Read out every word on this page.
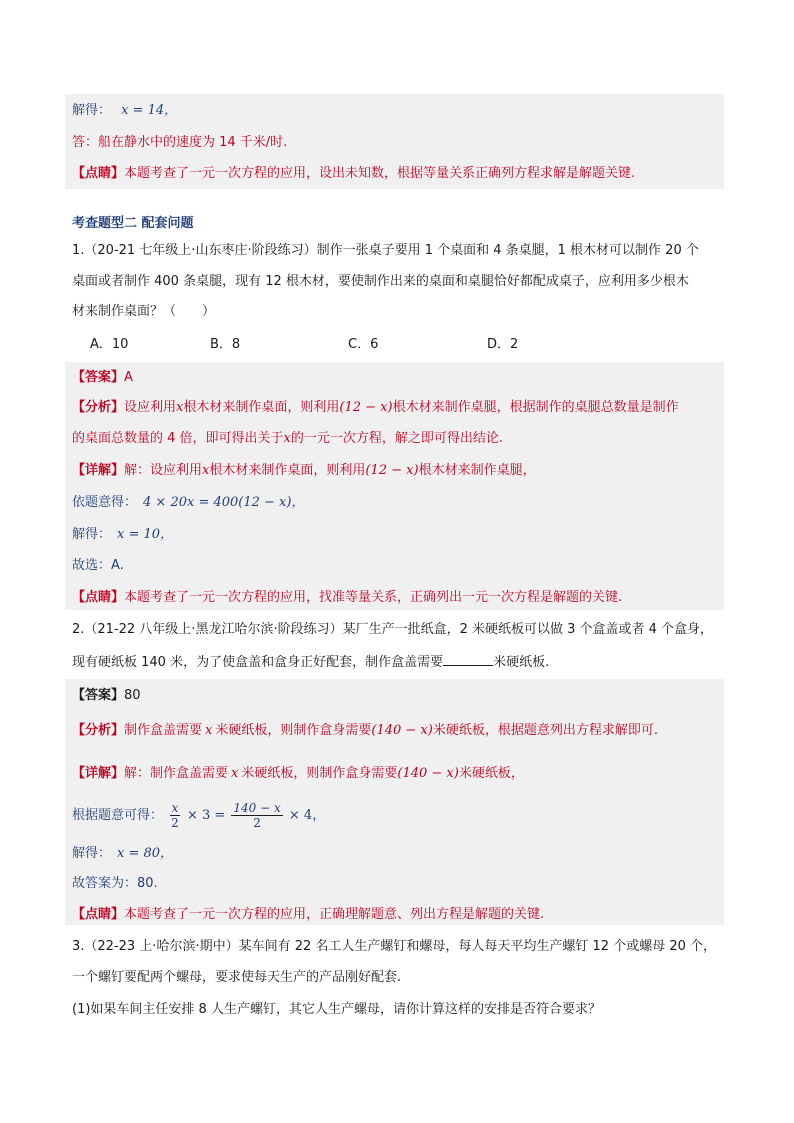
解得： x = 14，
答：船在静水中的速度为 14 千米/时.
【点睛】本题考查了一元一次方程的应用，设出未知数，根据等量关系正确列方程求解是解题关键.
考查题型二 配套问题
1.（20-21 七年级上·山东枣庄·阶段练习）制作一张桌子要用 1 个桌面和 4 条桌腿，1 根木材可以制作 20 个
桌面或者制作 400 条桌腿，现有 12 根木材，要使制作出来的桌面和桌腿恰好都配成桌子，应利用多少根木
材来制作桌面？（　　）
A．10	B．8	C．6	D．2
【答案】A
【分析】设应利用x根木材来制作桌面，则利用(12 − x)根木材来制作桌腿，根据制作的桌腿总数量是制作
的桌面总数量的 4 倍，即可得出关于x的一元一次方程，解之即可得出结论.
【详解】解：设应利用x根木材来制作桌面，则利用(12 − x)根木材来制作桌腿，
依题意得： 4 × 20x = 400(12 − x)，
解得： x = 10，
故选：A.
【点睛】本题考查了一元一次方程的应用，找准等量关系，正确列出一元一次方程是解题的关键.
2.（21-22 八年级上·黑龙江哈尔滨·阶段练习）某厂生产一批纸盒，2 米硬纸板可以做 3 个盒盖或者 4 个盒身，
现有硬纸板 140 米，为了使盒盖和盒身正好配套，制作盒盖需要	米硬纸板.
【答案】80
【分析】制作盒盖需要 x 米硬纸板，则制作盒身需要(140 − x)米硬纸板，根据题意列出方程求解即可.
【详解】解：制作盒盖需要 x 米硬纸板，则制作盒身需要(140 − x)米硬纸板，
根据题意可得： $\frac{x}{2} \times 3 = \frac{140 - x}{2} \times 4$，
解得： x = 80，
故答案为：80.
【点睛】本题考查了一元一次方程的应用，正确理解题意、列出方程是解题的关键.
3.（22-23 上·哈尔滨·期中）某车间有 22 名工人生产螺钉和螺母，每人每天平均生产螺钉 12 个或螺母 20 个，
一个螺钉要配两个螺母，要求使每天生产的产品刚好配套.
(1)如果车间主任安排 8 人生产螺钉，其它人生产螺母，请你计算这样的安排是否符合要求？
